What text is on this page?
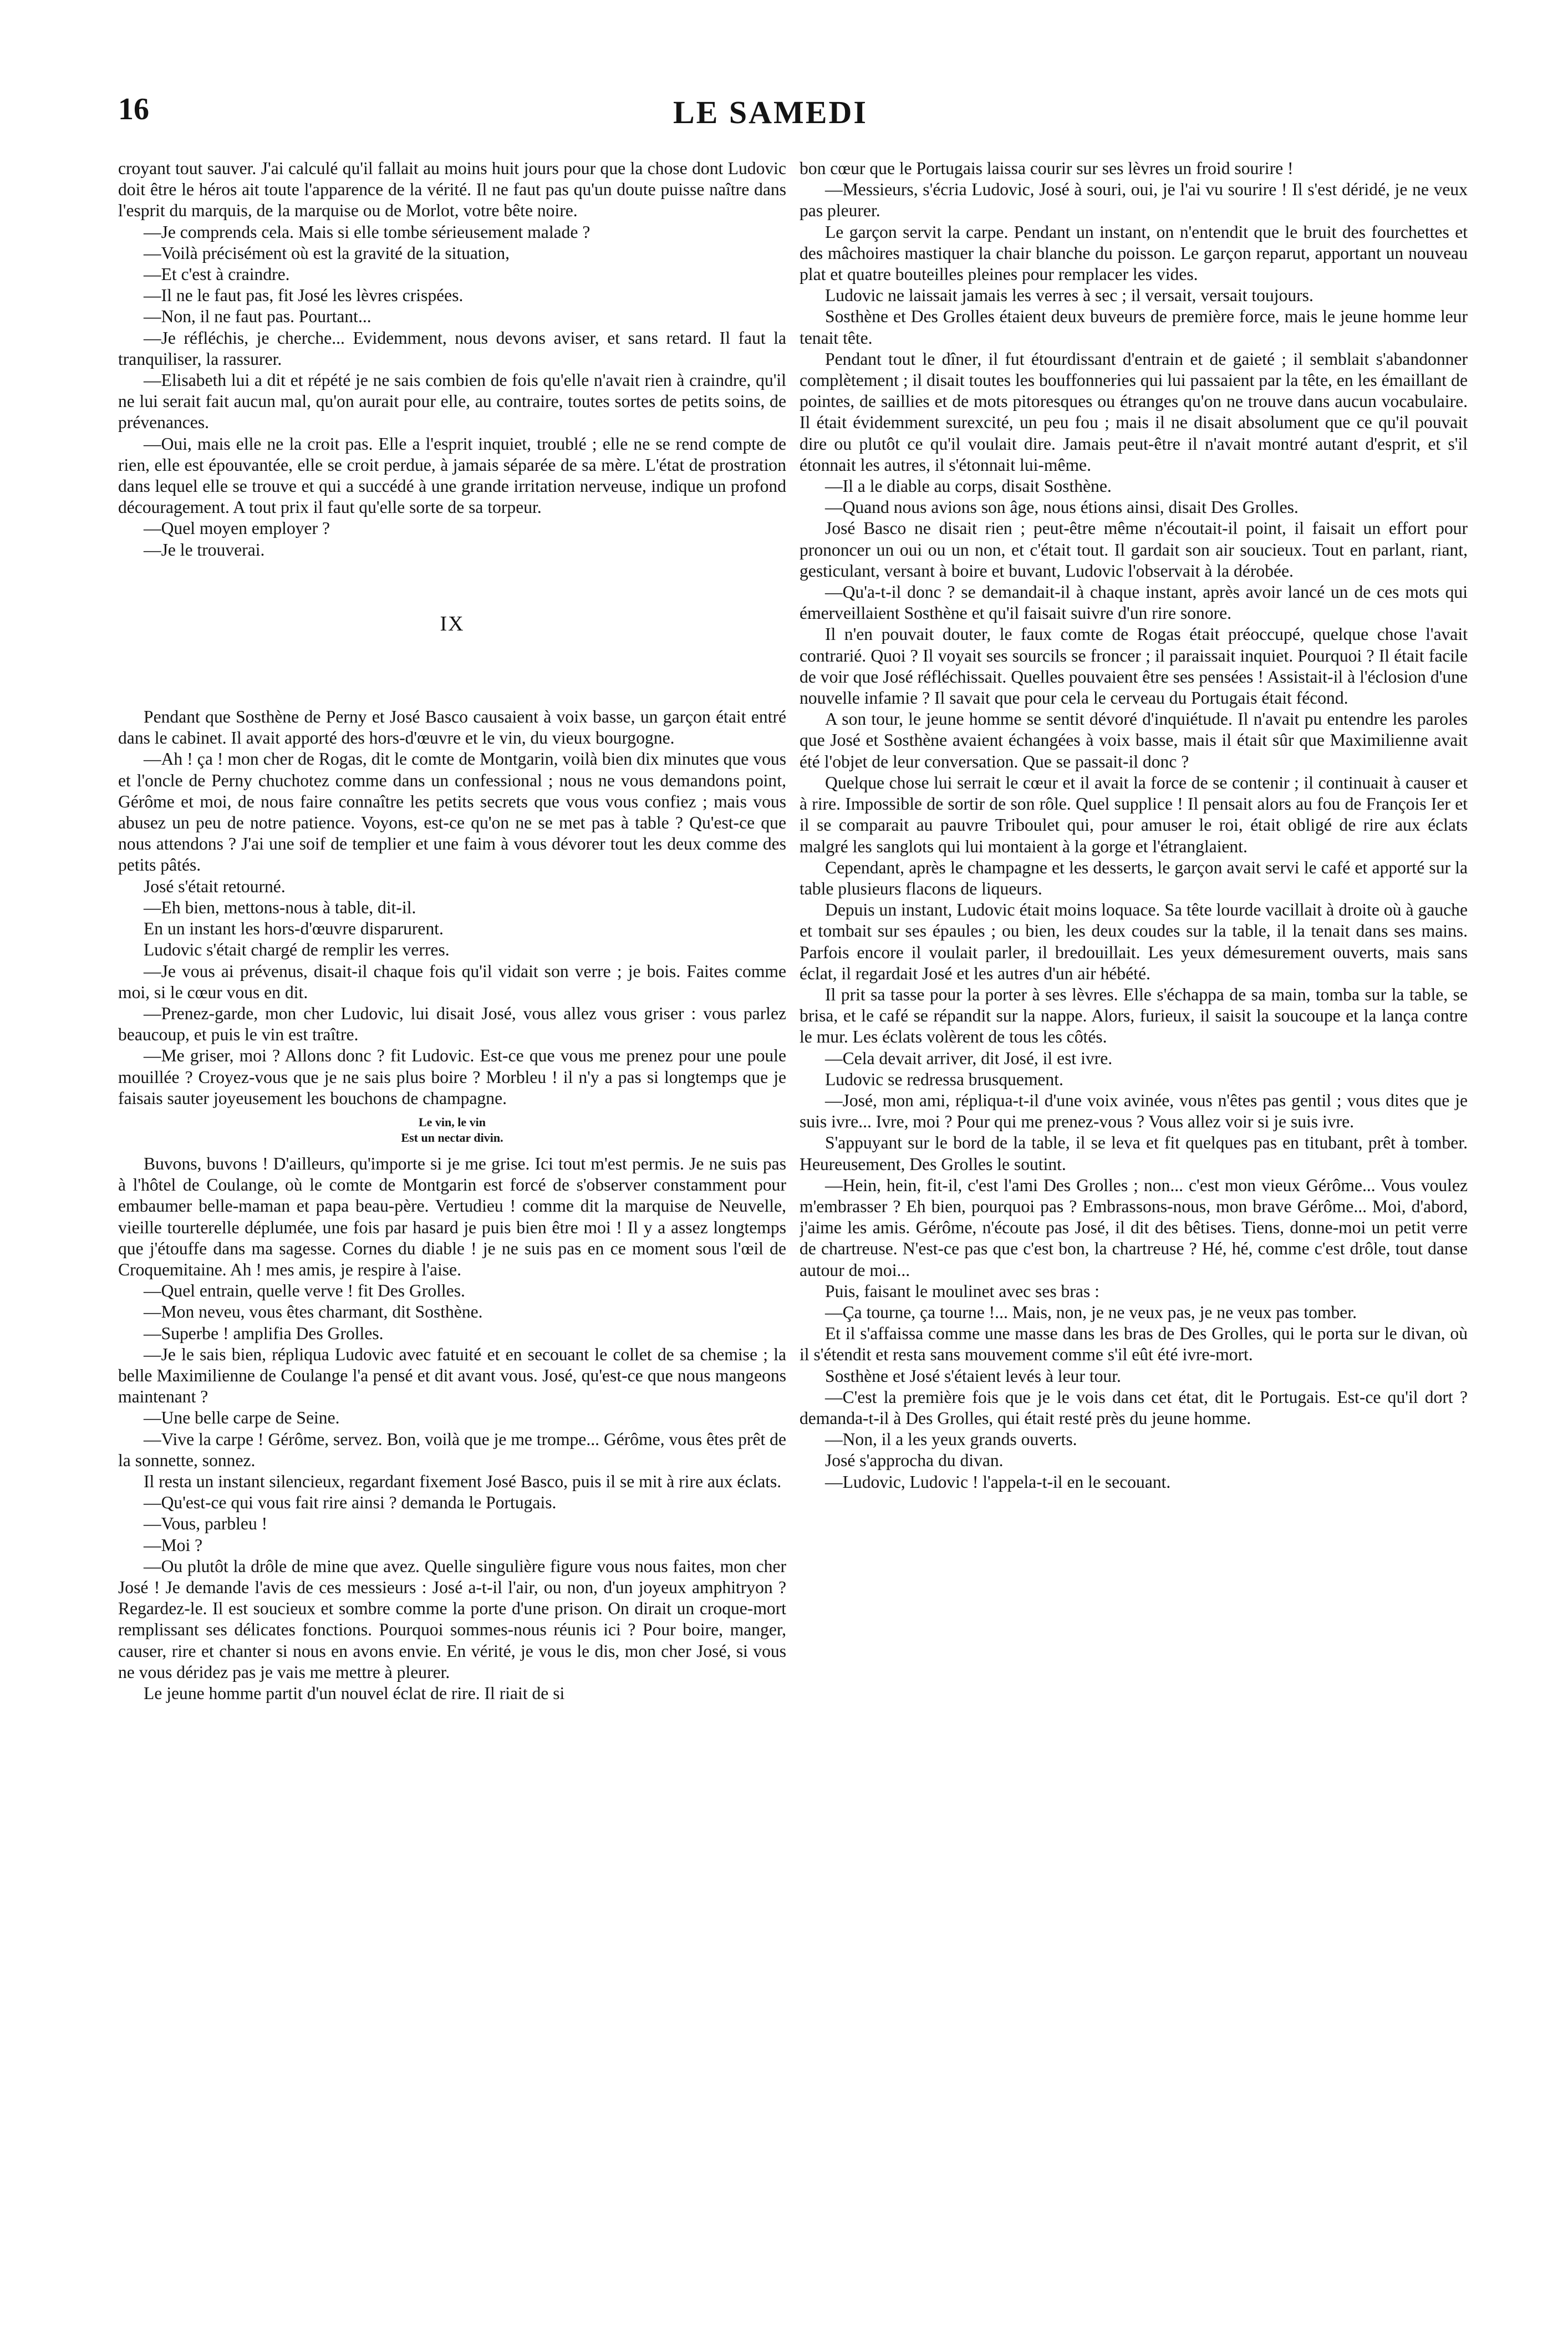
16	LE SAMEDI

croyant tout sauver. J'ai calculé qu'il fallait au moins huit jours pour que la chose dont Ludovic doit être le héros ait toute l'apparence de la vérité. Il ne faut pas qu'un doute puisse naître dans l'esprit du marquis, de la marquise ou de Morlot, votre bête noire.

—Je comprends cela. Mais si elle tombe sérieusement malade ?

—Voilà précisément où est la gravité de la situation,

—Et c'est à craindre.

—Il ne le faut pas, fit José les lèvres crispées.

—Non, il ne faut pas. Pourtant...

—Je réfléchis, je cherche... Evidemment, nous devons aviser, et sans retard. Il faut la tranquiliser, la rassurer.

—Elisabeth lui a dit et répété je ne sais combien de fois qu'elle n'avait rien à craindre, qu'il ne lui serait fait aucun mal, qu'on aurait pour elle, au contraire, toutes sortes de petits soins, de prévenances.

—Oui, mais elle ne la croit pas. Elle a l'esprit inquiet, troublé ; elle ne se rend compte de rien, elle est épouvantée, elle se croit perdue, à jamais séparée de sa mère. L'état de prostration dans lequel elle se trouve et qui a succédé à une grande irritation nerveuse, indique un profond découragement. A tout prix il faut qu'elle sorte de sa torpeur.

—Quel moyen employer ?

—Je le trouverai.

IX

Pendant que Sosthène de Perny et José Basco causaient à voix basse, un garçon était entré dans le cabinet. Il avait apporté des hors-d'œuvre et le vin, du vieux bourgogne.

—Ah ! ça ! mon cher de Rogas, dit le comte de Montgarin, voilà bien dix minutes que vous et l'oncle de Perny chuchotez comme dans un confessional ; nous ne vous demandons point, Gérôme et moi, de nous faire connaître les petits secrets que vous vous confiez ; mais vous abusez un peu de notre patience. Voyons, est-ce qu'on ne se met pas à table ? Qu'est-ce que nous attendons ? J'ai une soif de templier et une faim à vous dévorer tout les deux comme des petits pâtés.

José s'était retourné.

—Eh bien, mettons-nous à table, dit-il.

En un instant les hors-d'œuvre disparurent.

Ludovic s'était chargé de remplir les verres.

—Je vous ai prévenus, disait-il chaque fois qu'il vidait son verre ; je bois. Faites comme moi, si le cœur vous en dit.

—Prenez-garde, mon cher Ludovic, lui disait José, vous allez vous griser : vous parlez beaucoup, et puis le vin est traître.

—Me griser, moi ? Allons donc ? fit Ludovic. Est-ce que vous me prenez pour une poule mouillée ? Croyez-vous que je ne sais plus boire ? Morbleu ! il n'y a pas si longtemps que je faisais sauter joyeusement les bouchons de champagne.

Le vin, le vin
Est un nectar divin.

Buvons, buvons ! D'ailleurs, qu'importe si je me grise. Ici tout m'est permis. Je ne suis pas à l'hôtel de Coulange, où le comte de Montgarin est forcé de s'observer constamment pour embaumer belle-maman et papa beau-père. Vertudieu ! comme dit la marquise de Neuvelle, vieille tourterelle déplumée, une fois par hasard je puis bien être moi ! Il y a assez longtemps que j'étouffe dans ma sagesse. Cornes du diable ! je ne suis pas en ce moment sous l'œil de Croquemitaine. Ah ! mes amis, je respire à l'aise.

—Quel entrain, quelle verve ! fit Des Grolles.

—Mon neveu, vous êtes charmant, dit Sosthène.

—Superbe ! amplifia Des Grolles.

—Je le sais bien, répliqua Ludovic avec fatuité et en secouant le collet de sa chemise ; la belle Maximilienne de Coulange l'a pensé et dit avant vous. José, qu'est-ce que nous mangeons maintenant ?

—Une belle carpe de Seine.

—Vive la carpe ! Gérôme, servez. Bon, voilà que je me trompe... Gérôme, vous êtes prêt de la sonnette, sonnez.

Il resta un instant silencieux, regardant fixement José Basco, puis il se mit à rire aux éclats.

—Qu'est-ce qui vous fait rire ainsi ? demanda le Portugais.

—Vous, parbleu !

—Moi ?

—Ou plutôt la drôle de mine que avez. Quelle singulière figure vous nous faites, mon cher José ! Je demande l'avis de ces messieurs : José a-t-il l'air, ou non, d'un joyeux amphitryon ? Regardez-le. Il est soucieux et sombre comme la porte d'une prison. On dirait un croque-mort remplissant ses délicates fonctions. Pourquoi sommes-nous réunis ici ? Pour boire, manger, causer, rire et chanter si nous en avons envie. En vérité, je vous le dis, mon cher José, si vous ne vous déridez pas je vais me mettre à pleurer.

Le jeune homme partit d'un nouvel éclat de rire. Il riait de si

bon cœur que le Portugais laissa courir sur ses lèvres un froid sourire !

—Messieurs, s'écria Ludovic, José à souri, oui, je l'ai vu sourire ! Il s'est déridé, je ne veux pas pleurer.

Le garçon servit la carpe. Pendant un instant, on n'entendit que le bruit des fourchettes et des mâchoires mastiquer la chair blanche du poisson. Le garçon reparut, apportant un nouveau plat et quatre bouteilles pleines pour remplacer les vides.

Ludovic ne laissait jamais les verres à sec ; il versait, versait toujours.

Sosthène et Des Grolles étaient deux buveurs de première force, mais le jeune homme leur tenait tête.

Pendant tout le dîner, il fut étourdissant d'entrain et de gaieté ; il semblait s'abandonner complètement ; il disait toutes les bouffonneries qui lui passaient par la tête, en les émaillant de pointes, de saillies et de mots pitoresques ou étranges qu'on ne trouve dans aucun vocabulaire. Il était évidemment surexcité, un peu fou ; mais il ne disait absolument que ce qu'il pouvait dire ou plutôt ce qu'il voulait dire. Jamais peut-être il n'avait montré autant d'esprit, et s'il étonnait les autres, il s'étonnait lui-même.

—Il a le diable au corps, disait Sosthène.

—Quand nous avions son âge, nous étions ainsi, disait Des Grolles.

José Basco ne disait rien ; peut-être même n'écoutait-il point, il faisait un effort pour prononcer un oui ou un non, et c'était tout. Il gardait son air soucieux. Tout en parlant, riant, gesticulant, versant à boire et buvant, Ludovic l'observait à la dérobée.

—Qu'a-t-il donc ? se demandait-il à chaque instant, après avoir lancé un de ces mots qui émerveillaient Sosthène et qu'il faisait suivre d'un rire sonore.

Il n'en pouvait douter, le faux comte de Rogas était préoccupé, quelque chose l'avait contrarié. Quoi ? Il voyait ses sourcils se froncer ; il paraissait inquiet. Pourquoi ? Il était facile de voir que José réfléchissait. Quelles pouvaient être ses pensées ! Assistait-il à l'éclosion d'une nouvelle infamie ? Il savait que pour cela le cerveau du Portugais était fécond.

A son tour, le jeune homme se sentit dévoré d'inquiétude. Il n'avait pu entendre les paroles que José et Sosthène avaient échangées à voix basse, mais il était sûr que Maximilienne avait été l'objet de leur conversation. Que se passait-il donc ?

Quelque chose lui serrait le cœur et il avait la force de se contenir ; il continuait à causer et à rire. Impossible de sortir de son rôle. Quel supplice ! Il pensait alors au fou de François Ier et il se comparait au pauvre Triboulet qui, pour amuser le roi, était obligé de rire aux éclats malgré les sanglots qui lui montaient à la gorge et l'étranglaient.

Cependant, après le champagne et les desserts, le garçon avait servi le café et apporté sur la table plusieurs flacons de liqueurs.

Depuis un instant, Ludovic était moins loquace. Sa tête lourde vacillait à droite où à gauche et tombait sur ses épaules ; ou bien, les deux coudes sur la table, il la tenait dans ses mains. Parfois encore il voulait parler, il bredouillait. Les yeux démesurement ouverts, mais sans éclat, il regardait José et les autres d'un air hébété.

Il prit sa tasse pour la porter à ses lèvres. Elle s'échappa de sa main, tomba sur la table, se brisa, et le café se répandit sur la nappe. Alors, furieux, il saisit la soucoupe et la lança contre le mur. Les éclats volèrent de tous les côtés.

—Cela devait arriver, dit José, il est ivre.

Ludovic se redressa brusquement.

—José, mon ami, répliqua-t-il d'une voix avinée, vous n'êtes pas gentil ; vous dites que je suis ivre... Ivre, moi ? Pour qui me prenez-vous ? Vous allez voir si je suis ivre.

S'appuyant sur le bord de la table, il se leva et fit quelques pas en titubant, prêt à tomber. Heureusement, Des Grolles le soutint.

—Hein, hein, fit-il, c'est l'ami Des Grolles ; non... c'est mon vieux Gérôme... Vous voulez m'embrasser ? Eh bien, pourquoi pas ? Embrassons-nous, mon brave Gérôme... Moi, d'abord, j'aime les amis. Gérôme, n'écoute pas José, il dit des bêtises. Tiens, donne-moi un petit verre de chartreuse. N'est-ce pas que c'est bon, la chartreuse ? Hé, hé, comme c'est drôle, tout danse autour de moi...

Puis, faisant le moulinet avec ses bras :

—Ça tourne, ça tourne !... Mais, non, je ne veux pas, je ne veux pas tomber.

Et il s'affaissa comme une masse dans les bras de Des Grolles, qui le porta sur le divan, où il s'étendit et resta sans mouvement comme s'il eût été ivre-mort.

Sosthène et José s'étaient levés à leur tour.

—C'est la première fois que je le vois dans cet état, dit le Portugais. Est-ce qu'il dort ? demanda-t-il à Des Grolles, qui était resté près du jeune homme.

—Non, il a les yeux grands ouverts.

José s'approcha du divan.

—Ludovic, Ludovic ! l'appela-t-il en le secouant.
